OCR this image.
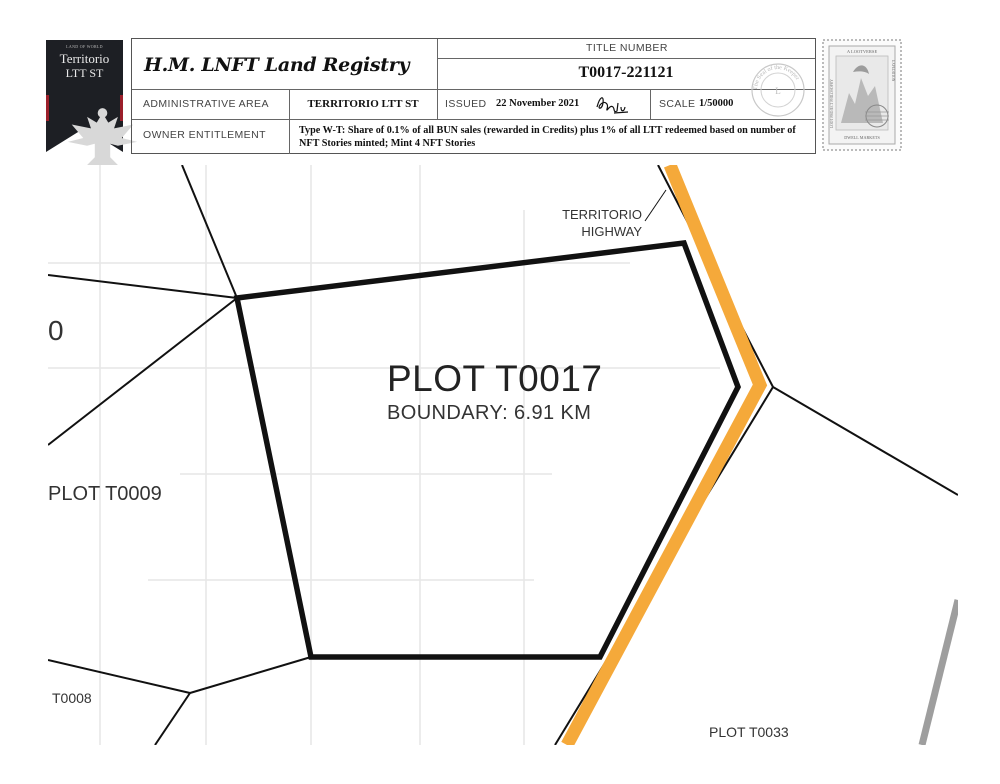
LAND OF WORLD
Territorio
LTT ST	H.M. LNFT Land Registry
TITLE NUMBER
T0017-221121
ADMINISTRATIVE AREA	TERRITORIO LTT ST	ISSUED 22 November 2021	SCALE 1/50000
The Seal of the Keeper
L
OWNER ENTITLEMENT	Type W-T: Share of 0.1% of all BUN sales (rewarded in Credits) plus 1% of all LTT redeemed based on number of NFT Stories minted; Mint 4 NFT Stories
A LOOTVERSE
DWELL MARKETS
LOOT PROJECT PHILOSOPHY
EXPEDITION
PLOT T0017
BOUNDARY: 6.91 KM
TERRITORIO
HIGHWAY
0
PLOT T0009
T0008
PLOT T0033
